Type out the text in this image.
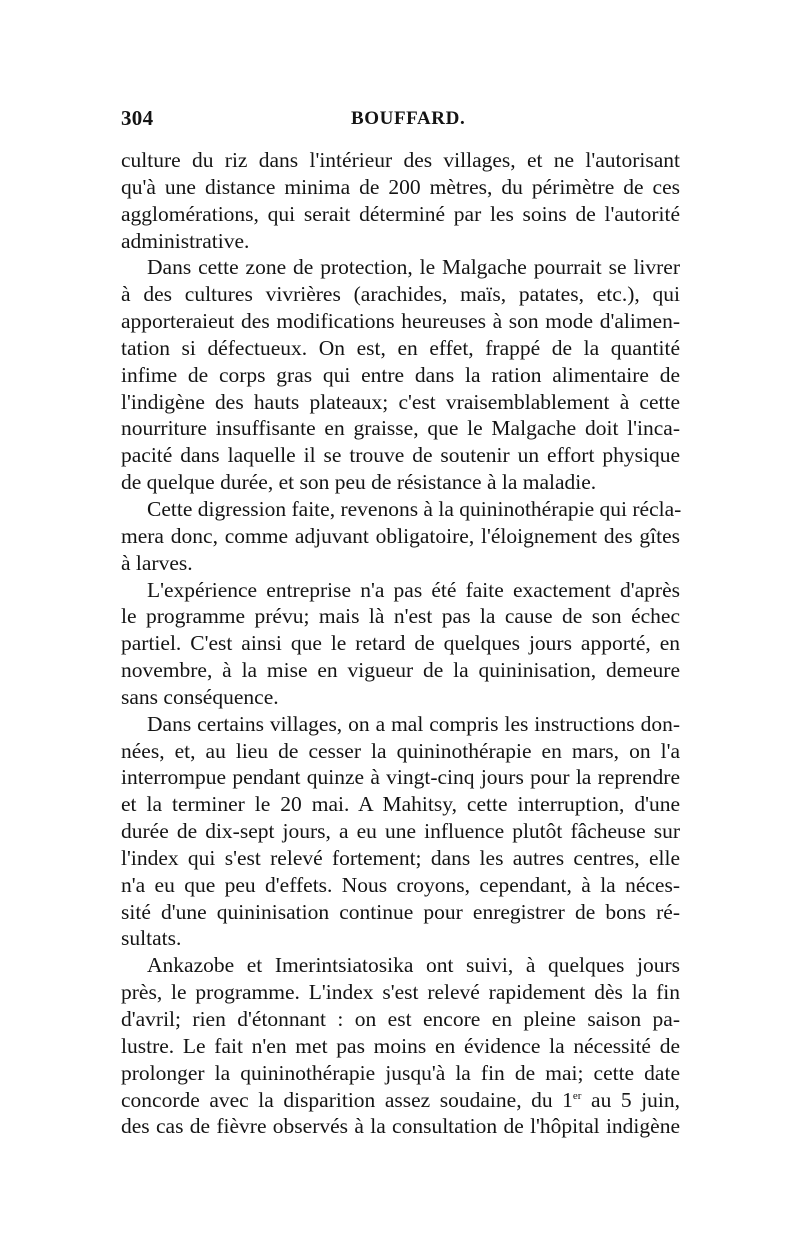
304	BOUFFARD.
culture du riz dans l'intérieur des villages, et ne l'autorisant
qu'à une distance minima de 200 mètres, du périmètre de ces
agglomérations, qui serait déterminé par les soins de l'autorité
administrative.
Dans cette zone de protection, le Malgache pourrait se livrer
à des cultures vivrières (arachides, maïs, patates, etc.), qui
apporteraieut des modifications heureuses à son mode d'alimen-
tation si défectueux. On est, en effet, frappé de la quantité
infime de corps gras qui entre dans la ration alimentaire de
l'indigène des hauts plateaux; c'est vraisemblablement à cette
nourriture insuffisante en graisse, que le Malgache doit l'inca-
pacité dans laquelle il se trouve de soutenir un effort physique
de quelque durée, et son peu de résistance à la maladie.
Cette digression faite, revenons à la quininothérapie qui récla-
mera donc, comme adjuvant obligatoire, l'éloignement des gîtes
à larves.
L'expérience entreprise n'a pas été faite exactement d'après
le programme prévu; mais là n'est pas la cause de son échec
partiel. C'est ainsi que le retard de quelques jours apporté, en
novembre, à la mise en vigueur de la quininisation, demeure
sans conséquence.
Dans certains villages, on a mal compris les instructions don-
nées, et, au lieu de cesser la quininothérapie en mars, on l'a
interrompue pendant quinze à vingt-cinq jours pour la reprendre
et la terminer le 20 mai. A Mahitsy, cette interruption, d'une
durée de dix-sept jours, a eu une influence plutôt fâcheuse sur
l'index qui s'est relevé fortement; dans les autres centres, elle
n'a eu que peu d'effets. Nous croyons, cependant, à la néces-
sité d'une quininisation continue pour enregistrer de bons ré-
sultats.
Ankazobe et Imerintsiatosika ont suivi, à quelques jours
près, le programme. L'index s'est relevé rapidement dès la fin
d'avril; rien d'étonnant : on est encore en pleine saison pa-
lustre. Le fait n'en met pas moins en évidence la nécessité de
prolonger la quininothérapie jusqu'à la fin de mai; cette date
concorde avec la disparition assez soudaine, du 1er au 5 juin,
des cas de fièvre observés à la consultation de l'hôpital indigène
